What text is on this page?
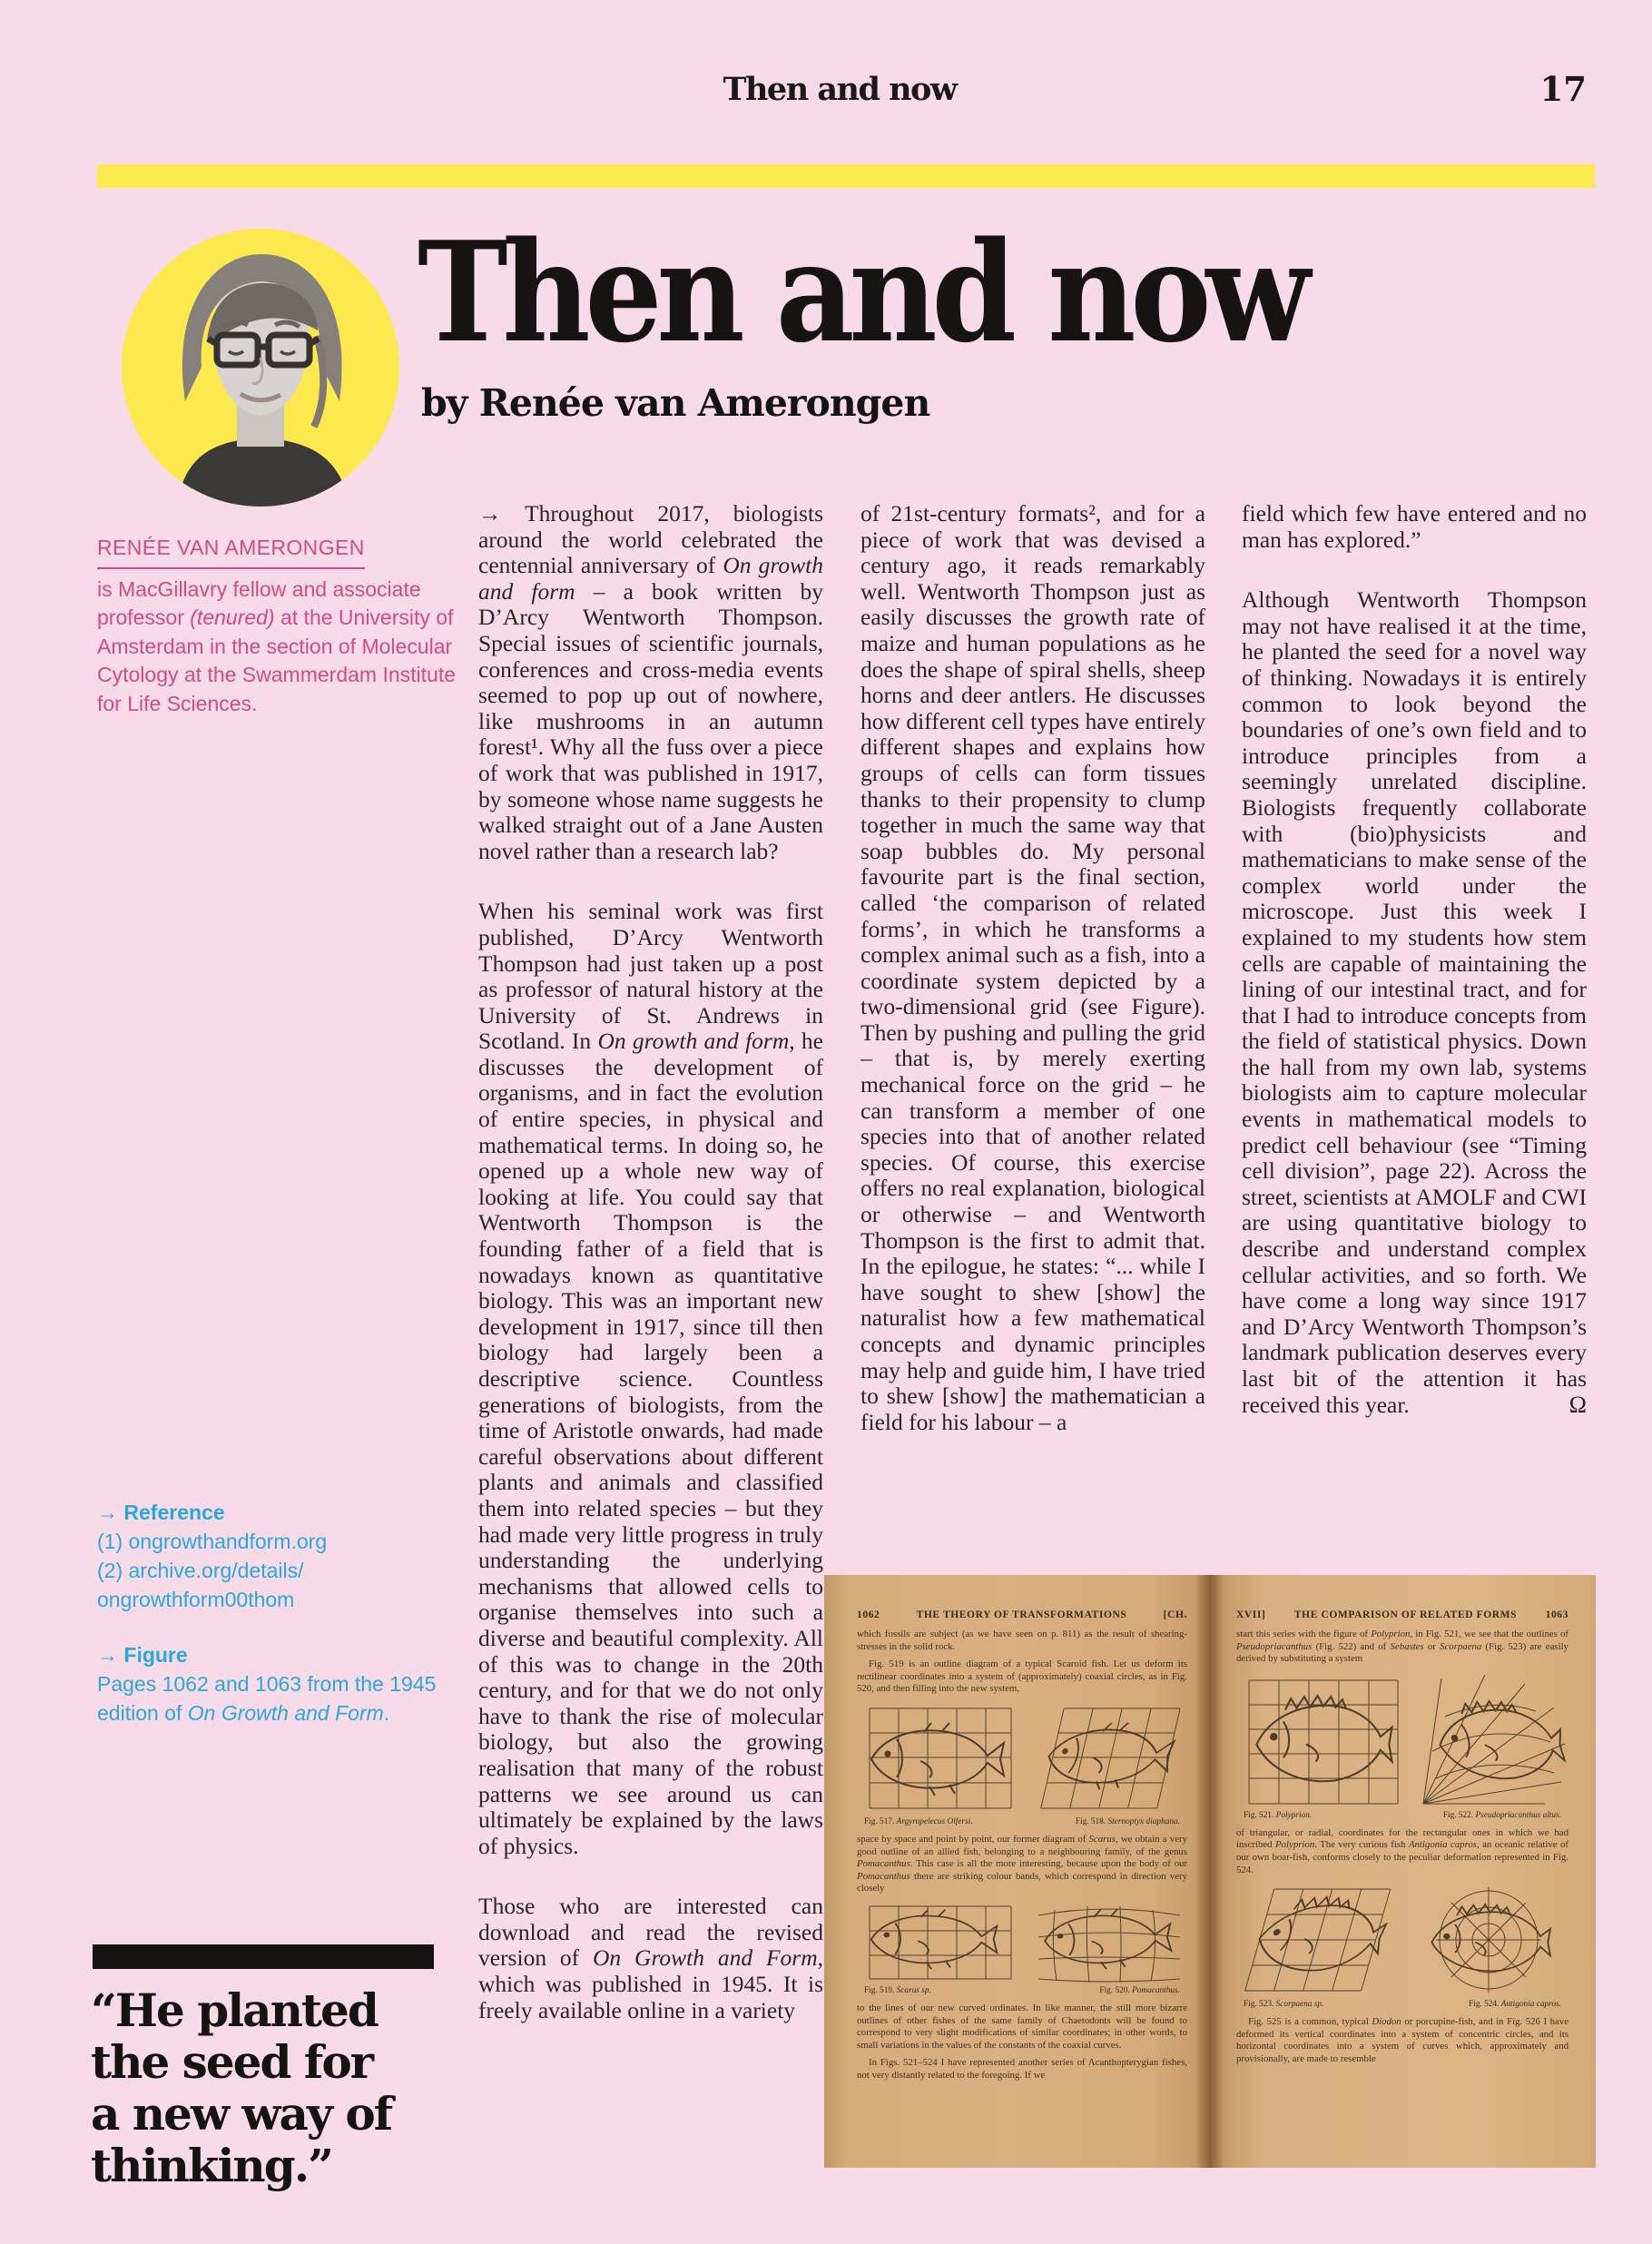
Then and now	17
Then and now
by Renée van Amerongen
RENÉE VAN AMERONGEN
is MacGillavry fellow and associate professor (tenured) at the University of Amsterdam in the section of Molecular Cytology at the Swammerdam Institute for Life Sciences.

→ Throughout 2017, biologists around the world celebrated the centennial anniversary of On growth and form – a book written by D’Arcy Wentworth Thompson. Special issues of scientific journals, conferences and cross-media events seemed to pop up out of nowhere, like mushrooms in an autumn forest¹. Why all the fuss over a piece of work that was published in 1917, by someone whose name suggests he walked straight out of a Jane Austen novel rather than a research lab?

When his seminal work was first published, D’Arcy Wentworth Thompson had just taken up a post as professor of natural history at the University of St. Andrews in Scotland. In On growth and form, he discusses the development of organisms, and in fact the evolution of entire species, in physical and mathematical terms. In doing so, he opened up a whole new way of looking at life. You could say that Wentworth Thompson is the founding father of a field that is nowadays known as quantitative biology. This was an important new development in 1917, since till then biology had largely been a descriptive science. Countless generations of biologists, from the time of Aristotle onwards, had made careful observations about different plants and animals and classified them into related species – but they had made very little progress in truly understanding the underlying mechanisms that allowed cells to organise themselves into such a diverse and beautiful complexity. All of this was to change in the 20th century, and for that we do not only have to thank the rise of molecular biology, but also the growing realisation that many of the robust patterns we see around us can ultimately be explained by the laws of physics.

Those who are interested can download and read the revised version of On Growth and Form, which was published in 1945. It is freely available online in a variety

of 21st-century formats², and for a piece of work that was devised a century ago, it reads remarkably well. Wentworth Thompson just as easily discusses the growth rate of maize and human populations as he does the shape of spiral shells, sheep horns and deer antlers. He discusses how different cell types have entirely different shapes and explains how groups of cells can form tissues thanks to their propensity to clump together in much the same way that soap bubbles do. My personal favourite part is the final section, called ‘the comparison of related forms’, in which he transforms a complex animal such as a fish, into a coordinate system depicted by a two-dimensional grid (see Figure). Then by pushing and pulling the grid – that is, by merely exerting mechanical force on the grid – he can transform a member of one species into that of another related species. Of course, this exercise offers no real explanation, biological or otherwise – and Wentworth Thompson is the first to admit that. In the epilogue, he states: “... while I have sought to shew [show] the naturalist how a few mathematical concepts and dynamic principles may help and guide him, I have tried to shew [show] the mathematician a field for his labour – a

field which few have entered and no man has explored.”

Although Wentworth Thompson may not have realised it at the time, he planted the seed for a novel way of thinking. Nowadays it is entirely common to look beyond the boundaries of one’s own field and to introduce principles from a seemingly unrelated discipline. Biologists frequently collaborate with (bio)physicists and mathematicians to make sense of the complex world under the microscope. Just this week I explained to my students how stem cells are capable of maintaining the lining of our intestinal tract, and for that I had to introduce concepts from the field of statistical physics. Down the hall from my own lab, systems biologists aim to capture molecular events in mathematical models to predict cell behaviour (see “Timing cell division”, page 22). Across the street, scientists at AMOLF and CWI are using quantitative biology to describe and understand complex cellular activities, and so forth. We have come a long way since 1917 and D’Arcy Wentworth Thompson’s landmark publication deserves every last bit of the attention it has received this year.	Ω
→ Reference
(1) ongrowthandform.org
(2) archive.org/details/
ongrowthform00thom
→ Figure
Pages 1062 and 1063 from the 1945 edition of On Growth and Form.
“He planted
the seed for
a new way of
thinking.”
1062	THE THEORY OF TRANSFORMATIONS	[CH.

which fossils are subject (as we have seen on p. 811) as the result of shearing-stresses in the solid rock.

Fig. 519 is an outline diagram of a typical Scaroid fish. Let us deform its rectilinear coordinates into a system of (approximately) coaxial circles, as in Fig. 520, and then filling into the new system,

Fig. 517. Argyropelecus Olfersi.	Fig. 518. Sternoptyx diaphana.

space by space and point by point, our former diagram of Scarus, we obtain a very good outline of an allied fish, belonging to a neighbouring family, of the genus Pomacanthus. This case is all the more interesting, because upon the body of our Pomacanthus there are striking colour bands, which correspond in direction very closely

Fig. 519. Scarus sp.	Fig. 520. Pomacanthus.

to the lines of our new curved ordinates. In like manner, the still more bizarre outlines of other fishes of the same family of Chaetodonts will be found to correspond to very slight modifications of similar coordinates; in other words, to small variations in the values of the constants of the coaxial curves.

In Figs. 521–524 I have represented another series of Acanthopterygian fishes, not very distantly related to the foregoing. If we

XVII]	THE COMPARISON OF RELATED FORMS	1063

start this series with the figure of Polyprion, in Fig. 521, we see that the outlines of Pseudopriacanthus (Fig. 522) and of Sebastes or Scorpaena (Fig. 523) are easily derived by substituting a system

Fig. 521. Polyprion.	Fig. 522. Pseudopriacanthus altus.

of triangular, or radial, coordinates for the rectangular ones in which we had inscribed Polyprion. The very curious fish Antigonia capros, an oceanic relative of our own boar-fish, conforms closely to the peculiar deformation represented in Fig. 524.

Fig. 523. Scorpaena sp.	Fig. 524. Antigonia capros.

Fig. 525 is a common, typical Diodon or porcupine-fish, and in Fig. 526 I have deformed its vertical coordinates into a system of concentric circles, and its horizontal coordinates into a system of curves which, approximately and provisionally, are made to resemble
